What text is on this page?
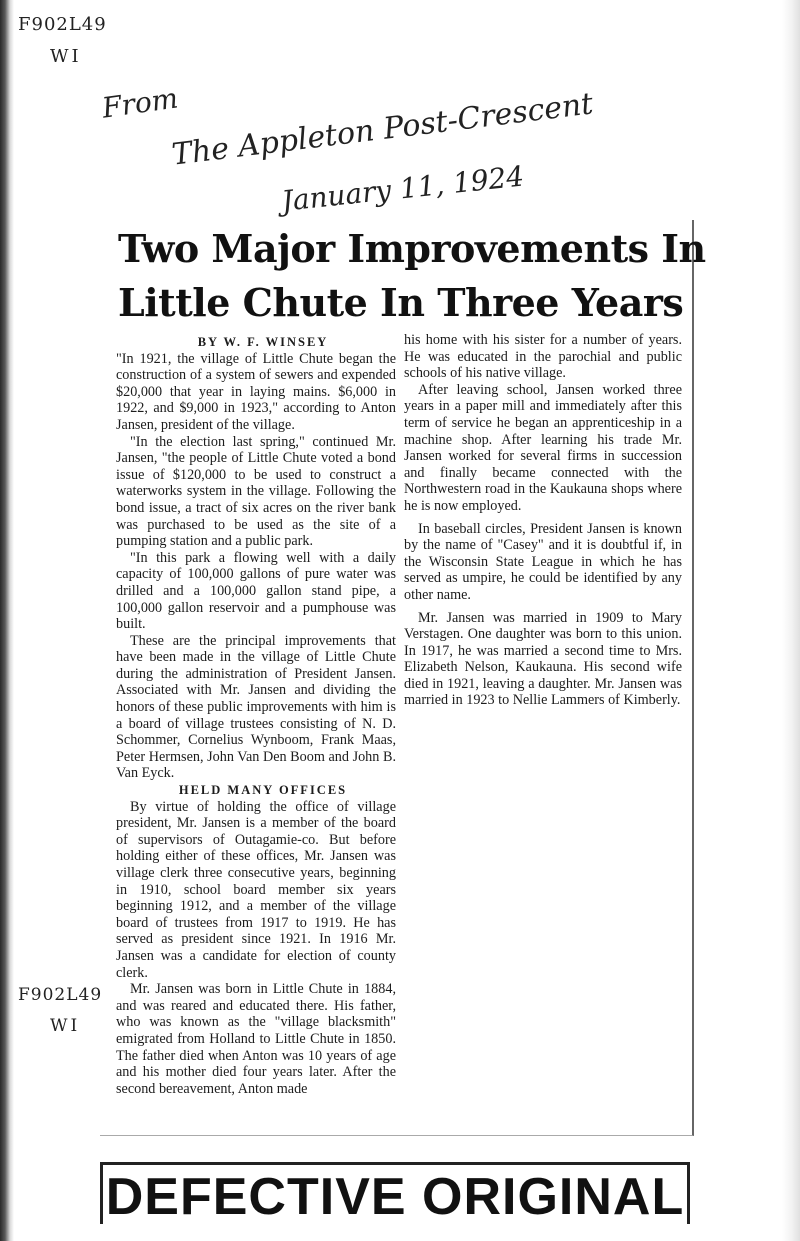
F902L49
WI
From
The Appleton Post-Crescent
January 11, 1924
Two Major Improvements In
Little Chute In Three Years

BY W. F. WINSEY

"In 1921, the village of Little Chute began the construction of a system of sewers and expended $20,000 that year in laying mains. $6,000 in 1922, and $9,000 in 1923," according to Anton Jansen, president of the village.

"In the election last spring," continued Mr. Jansen, "the people of Little Chute voted a bond issue of $120,000 to be used to construct a waterworks system in the village. Following the bond issue, a tract of six acres on the river bank was purchased to be used as the site of a pumping station and a public park.

"In this park a flowing well with a daily capacity of 100,000 gallons of pure water was drilled and a 100,000 gallon stand pipe, a 100,000 gallon reservoir and a pumphouse was built.

These are the principal improvements that have been made in the village of Little Chute during the administration of President Jansen. Associated with Mr. Jansen and dividing the honors of these public improvements with him is a board of village trustees consisting of N. D. Schommer, Cornelius Wynboom, Frank Maas, Peter Hermsen, John Van Den Boom and John B. Van Eyck.

HELD MANY OFFICES

By virtue of holding the office of village president, Mr. Jansen is a member of the board of supervisors of Outagamie-co. But before holding either of these offices, Mr. Jansen was village clerk three consecutive years, beginning in 1910, school board member six years beginning 1912, and a member of the village board of trustees from 1917 to 1919. He has served as president since 1921. In 1916 Mr. Jansen was a candidate for election of county clerk.

Mr. Jansen was born in Little Chute in 1884, and was reared and educated there. His father, who was known as the "village blacksmith" emigrated from Holland to Little Chute in 1850. The father died when Anton was 10 years of age and his mother died four years later. After the second bereavement, Anton made

his home with his sister for a number of years. He was educated in the parochial and public schools of his native village.

After leaving school, Jansen worked three years in a paper mill and immediately after this term of service he began an apprenticeship in a machine shop. After learning his trade Mr. Jansen worked for several firms in succession and finally became connected with the Northwestern road in the Kaukauna shops where he is now employed.

In baseball circles, President Jansen is known by the name of "Casey" and it is doubtful if, in the Wisconsin State League in which he has served as umpire, he could be identified by any other name.

Mr. Jansen was married in 1909 to Mary Verstagen. One daughter was born to this union. In 1917, he was married a second time to Mrs. Elizabeth Nelson, Kaukauna. His second wife died in 1921, leaving a daughter. Mr. Jansen was married in 1923 to Nellie Lammers of Kimberly.

F902L49
WI
DEFECTIVE ORIGINAL
